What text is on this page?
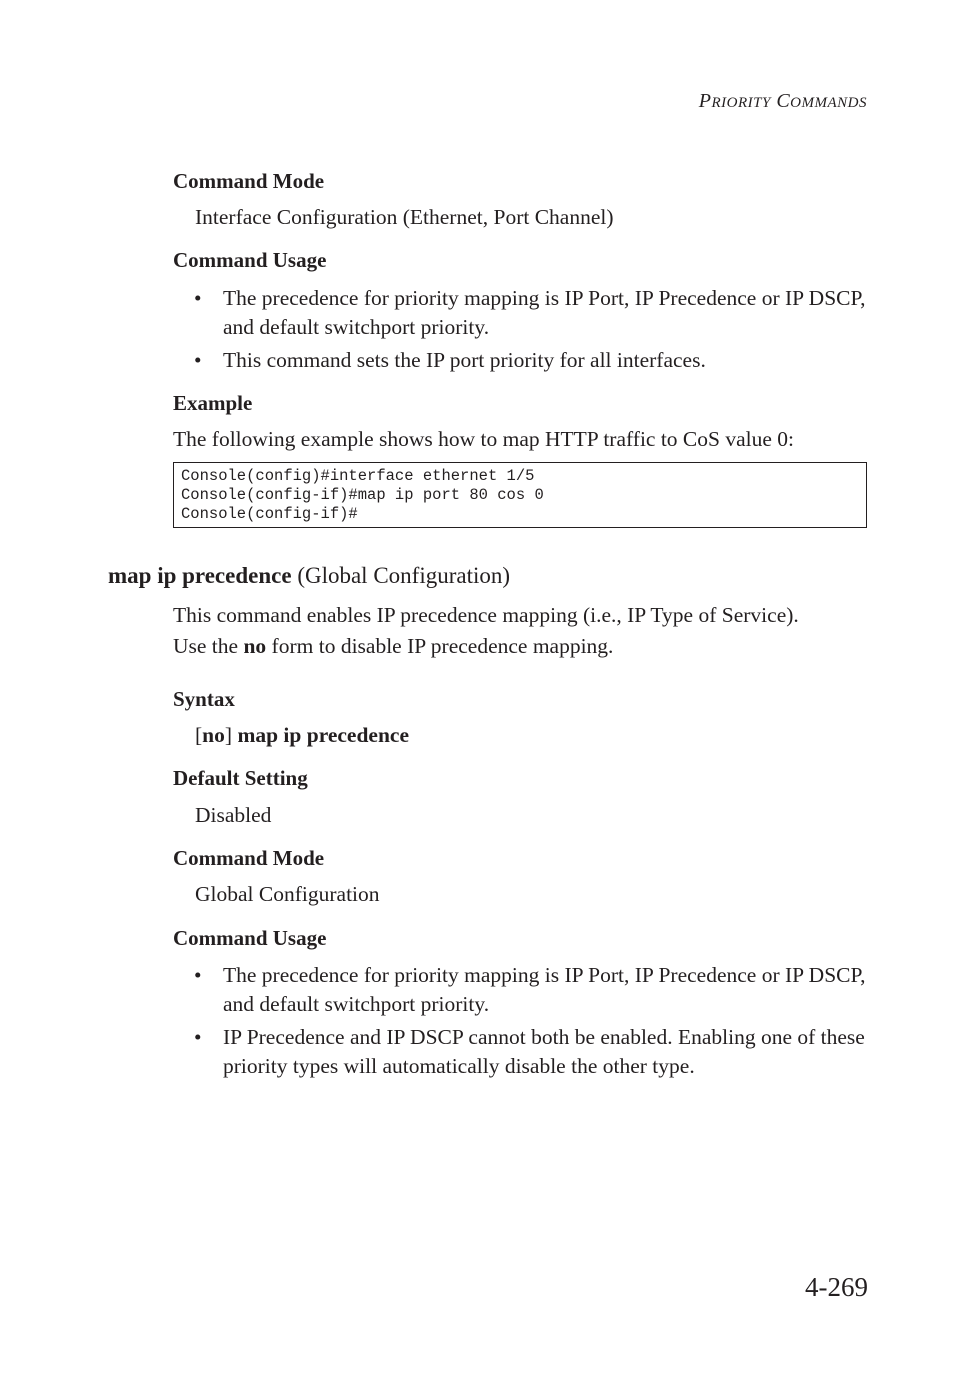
PRIORITY COMMANDS
Command Mode
Interface Configuration (Ethernet, Port Channel)
Command Usage
• The precedence for priority mapping is IP Port, IP Precedence or IP DSCP, and default switchport priority.
• This command sets the IP port priority for all interfaces.
Example
The following example shows how to map HTTP traffic to CoS value 0:
Console(config)#interface ethernet 1/5
Console(config-if)#map ip port 80 cos 0
Console(config-if)#
map ip precedence (Global Configuration)
This command enables IP precedence mapping (i.e., IP Type of Service).
Use the no form to disable IP precedence mapping.
Syntax
[no] map ip precedence
Default Setting
Disabled
Command Mode
Global Configuration
Command Usage
• The precedence for priority mapping is IP Port, IP Precedence or IP DSCP, and default switchport priority.
• IP Precedence and IP DSCP cannot both be enabled. Enabling one of these priority types will automatically disable the other type.
4-269
